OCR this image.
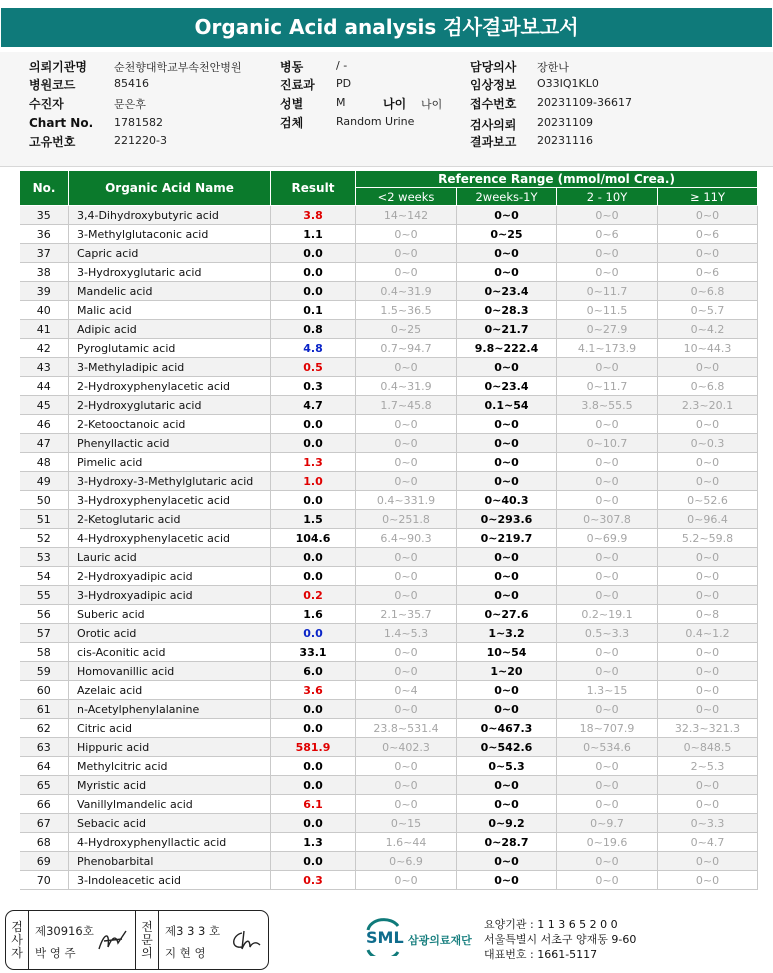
Organic Acid analysis 검사결과보고서
의뢰기관명 순천향대학교부속천안병원
병원코드	85416
수진자	문은후
Chart No. 1781582
고유번호	221220-3
병동	/ -
진료과 PD
성별	M	나이 나이
검체	Random Urine
담당의사 장한나
임상정보 O33IQ1KL0
접수번호 20231109-36617
검사의뢰 20231109
결과보고 20231116
No.	Organic Acid Name	Result	Reference Range (mmol/mol Crea.)			
			<2 weeks	2weeks-1Y	2 - 10Y	≥ 11Y
35	3,4-Dihydroxybutyric acid	3.8	14~142	0~0	0~0	0~0
36	3-Methylglutaconic acid	1.1	0~0	0~25	0~6	0~6
37	Capric acid	0.0	0~0	0~0	0~0	0~0
38	3-Hydroxyglutaric acid	0.0	0~0	0~0	0~0	0~6
39	Mandelic acid	0.0	0.4~31.9	0~23.4	0~11.7	0~6.8
40	Malic acid	0.1	1.5~36.5	0~28.3	0~11.5	0~5.7
41	Adipic acid	0.8	0~25	0~21.7	0~27.9	0~4.2
42	Pyroglutamic acid	4.8	0.7~94.7	9.8~222.4	4.1~173.9	10~44.3
43	3-Methyladipic acid	0.5	0~0	0~0	0~0	0~0
44	2-Hydroxyphenylacetic acid	0.3	0.4~31.9	0~23.4	0~11.7	0~6.8
45	2-Hydroxyglutaric acid	4.7	1.7~45.8	0.1~54	3.8~55.5	2.3~20.1
46	2-Ketooctanoic acid	0.0	0~0	0~0	0~0	0~0
47	Phenyllactic acid	0.0	0~0	0~0	0~10.7	0~0.3
48	Pimelic acid	1.3	0~0	0~0	0~0	0~0
49	3-Hydroxy-3-Methylglutaric acid	1.0	0~0	0~0	0~0	0~0
50	3-Hydroxyphenylacetic acid	0.0	0.4~331.9	0~40.3	0~0	0~52.6
51	2-Ketoglutaric acid	1.5	0~251.8	0~293.6	0~307.8	0~96.4
52	4-Hydroxyphenylacetic acid	104.6	6.4~90.3	0~219.7	0~69.9	5.2~59.8
53	Lauric acid	0.0	0~0	0~0	0~0	0~0
54	2-Hydroxyadipic acid	0.0	0~0	0~0	0~0	0~0
55	3-Hydroxyadipic acid	0.2	0~0	0~0	0~0	0~0
56	Suberic acid	1.6	2.1~35.7	0~27.6	0.2~19.1	0~8
57	Orotic acid	0.0	1.4~5.3	1~3.2	0.5~3.3	0.4~1.2
58	cis-Aconitic acid	33.1	0~0	10~54	0~0	0~0
59	Homovanillic acid	6.0	0~0	1~20	0~0	0~0
60	Azelaic acid	3.6	0~4	0~0	1.3~15	0~0
61	n-Acetylphenylalanine	0.0	0~0	0~0	0~0	0~0
62	Citric acid	0.0	23.8~531.4	0~467.3	18~707.9	32.3~321.3
63	Hippuric acid	581.9	0~402.3	0~542.6	0~534.6	0~848.5
64	Methylcitric acid	0.0	0~0	0~5.3	0~0	2~5.3
65	Myristic acid	0.0	0~0	0~0	0~0	0~0
66	Vanillylmandelic acid	6.1	0~0	0~0	0~0	0~0
67	Sebacic acid	0.0	0~15	0~9.2	0~9.7	0~3.3
68	4-Hydroxyphenyllactic acid	1.3	1.6~44	0~28.7	0~19.6	0~4.7
69	Phenobarbital	0.0	0~6.9	0~0	0~0	0~0
70	3-Indoleacetic acid	0.3	0~0	0~0	0~0	0~0
검사자
제30916호
박 영 주
전문의
제3 3 3 호
지 현 영
SML 삼광의료재단
요양기관 : 1 1 3 6 5 2 0 0
서울특별시 서초구 양재동 9-60
대표번호 : 1661-5117
